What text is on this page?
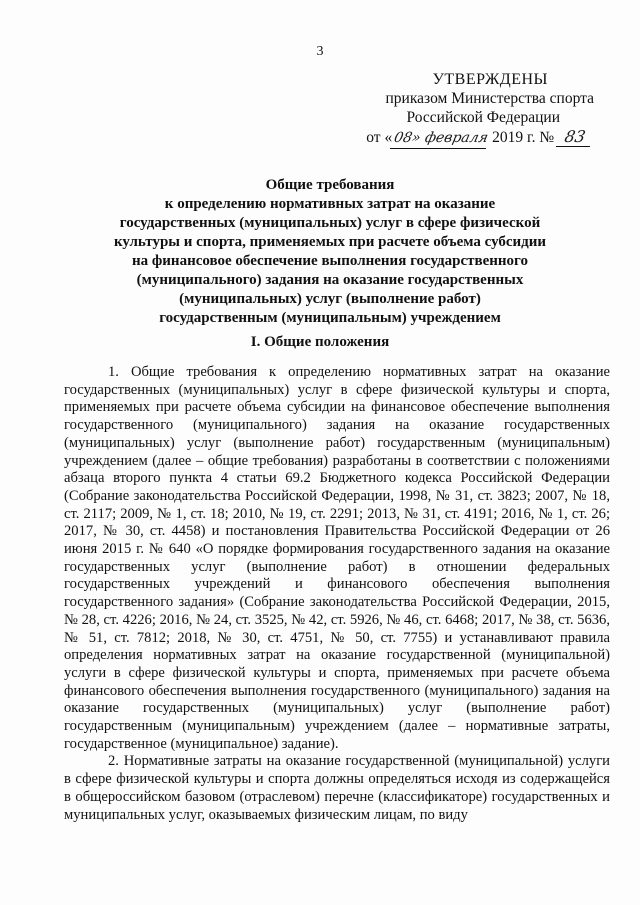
3
УТВЕРЖДЕНЫ
приказом Министерства спорта
Российской Федерации
от «08» февраля 2019 г. № 83
Общие требования
к определению нормативных затрат на оказание
государственных (муниципальных) услуг в сфере физической
культуры и спорта, применяемых при расчете объема субсидии
на финансовое обеспечение выполнения государственного
(муниципального) задания на оказание государственных
(муниципальных) услуг (выполнение работ)
государственным (муниципальным) учреждением
I. Общие положения

1. Общие требования к определению нормативных затрат на оказание государственных (муниципальных) услуг в сфере физической культуры и спорта, применяемых при расчете объема субсидии на финансовое обеспечение выполнения государственного (муниципального) задания на оказание государственных (муниципальных) услуг (выполнение работ) государственным (муниципальным) учреждением (далее – общие требования) разработаны в соответствии с положениями абзаца второго пункта 4 статьи 69.2 Бюджетного кодекса Российской Федерации (Собрание законодательства Российской Федерации, 1998, № 31, ст. 3823; 2007, № 18, ст. 2117; 2009, № 1, ст. 18; 2010, № 19, ст. 2291; 2013, № 31, ст. 4191; 2016, № 1, ст. 26; 2017, № 30, ст. 4458) и постановления Правительства Российской Федерации от 26 июня 2015 г. № 640 «О порядке формирования государственного задания на оказание государственных услуг (выполнение работ) в отношении федеральных государственных учреждений и финансового обеспечения выполнения государственного задания» (Собрание законодательства Российской Федерации, 2015, № 28, ст. 4226; 2016, № 24, ст. 3525, № 42, ст. 5926, № 46, ст. 6468; 2017, № 38, ст. 5636, № 51, ст. 7812; 2018, № 30, ст. 4751, № 50, ст. 7755) и устанавливают правила определения нормативных затрат на оказание государственной (муниципальной) услуги в сфере физической культуры и спорта, применяемых при расчете объема финансового обеспечения выполнения государственного (муниципального) задания на оказание государственных (муниципальных) услуг (выполнение работ) государственным (муниципальным) учреждением (далее – нормативные затраты, государственное (муниципальное) задание).

2. Нормативные затраты на оказание государственной (муниципальной) услуги в сфере физической культуры и спорта должны определяться исходя из содержащейся в общероссийском базовом (отраслевом) перечне (классификаторе) государственных и муниципальных услуг, оказываемых физическим лицам, по виду
